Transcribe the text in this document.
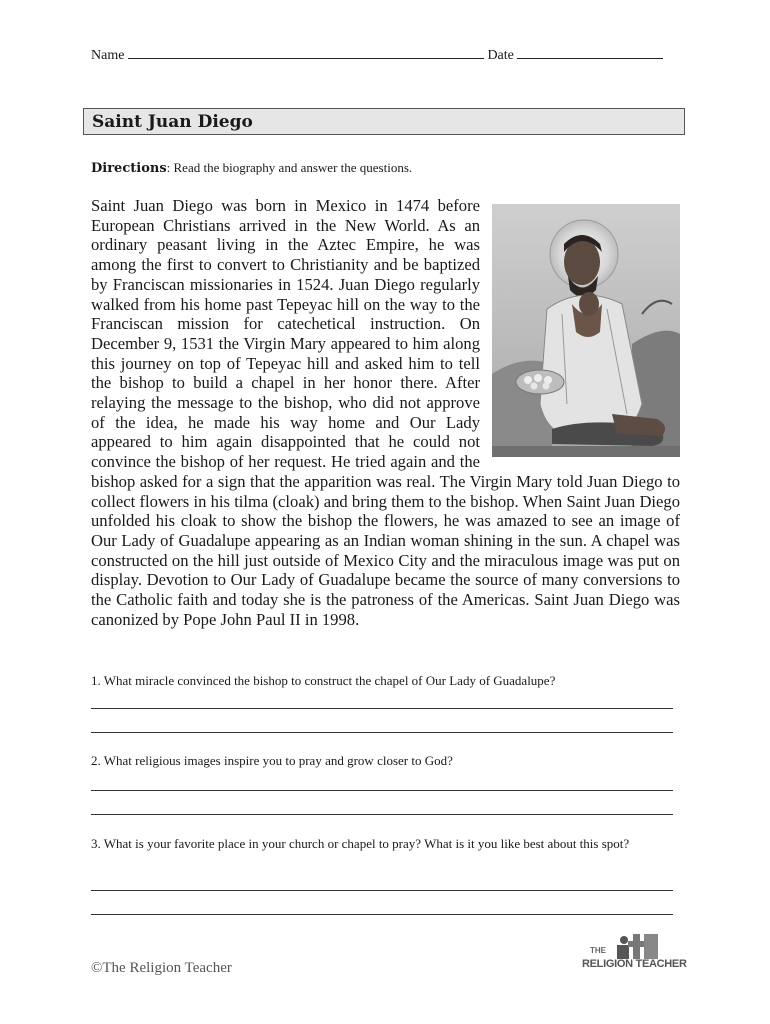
Name	Date
Saint Juan Diego
Directions: Read the biography and answer the questions.
Saint Juan Diego was born in Mexico in 1474 before European Christians arrived in the New World. As an ordinary peasant living in the Aztec Empire, he was among the first to convert to Christianity and be baptized by Franciscan missionaries in 1524. Juan Diego regularly walked from his home past Tepeyac hill on the way to the Franciscan mission for catechetical instruction. On December 9, 1531 the Virgin Mary appeared to him along this journey on top of Tepeyac hill and asked him to tell the bishop to build a chapel in her honor there. After relaying the message to the bishop, who did not approve of the idea, he made his way home and Our Lady appeared to him again disappointed that he could not convince the bishop of her request. He tried again and the bishop asked for a sign that the apparition was real. The Virgin Mary told Juan Diego to collect flowers in his tilma (cloak) and bring them to the bishop. When Saint Juan Diego unfolded his cloak to show the bishop the flowers, he was amazed to see an image of Our Lady of Guadalupe appearing as an Indian woman shining in the sun. A chapel was constructed on the hill just outside of Mexico City and the miraculous image was put on display. Devotion to Our Lady of Guadalupe became the source of many conversions to the Catholic faith and today she is the patroness of the Americas. Saint Juan Diego was canonized by Pope John Paul II in 1998.
1. What miracle convinced the bishop to construct the chapel of Our Lady of Guadalupe?
2. What religious images inspire you to pray and grow closer to God?
3. What is your favorite place in your church or chapel to pray? What is it you like best about this spot?
©The Religion Teacher
THE
RELIGION TEACHER
